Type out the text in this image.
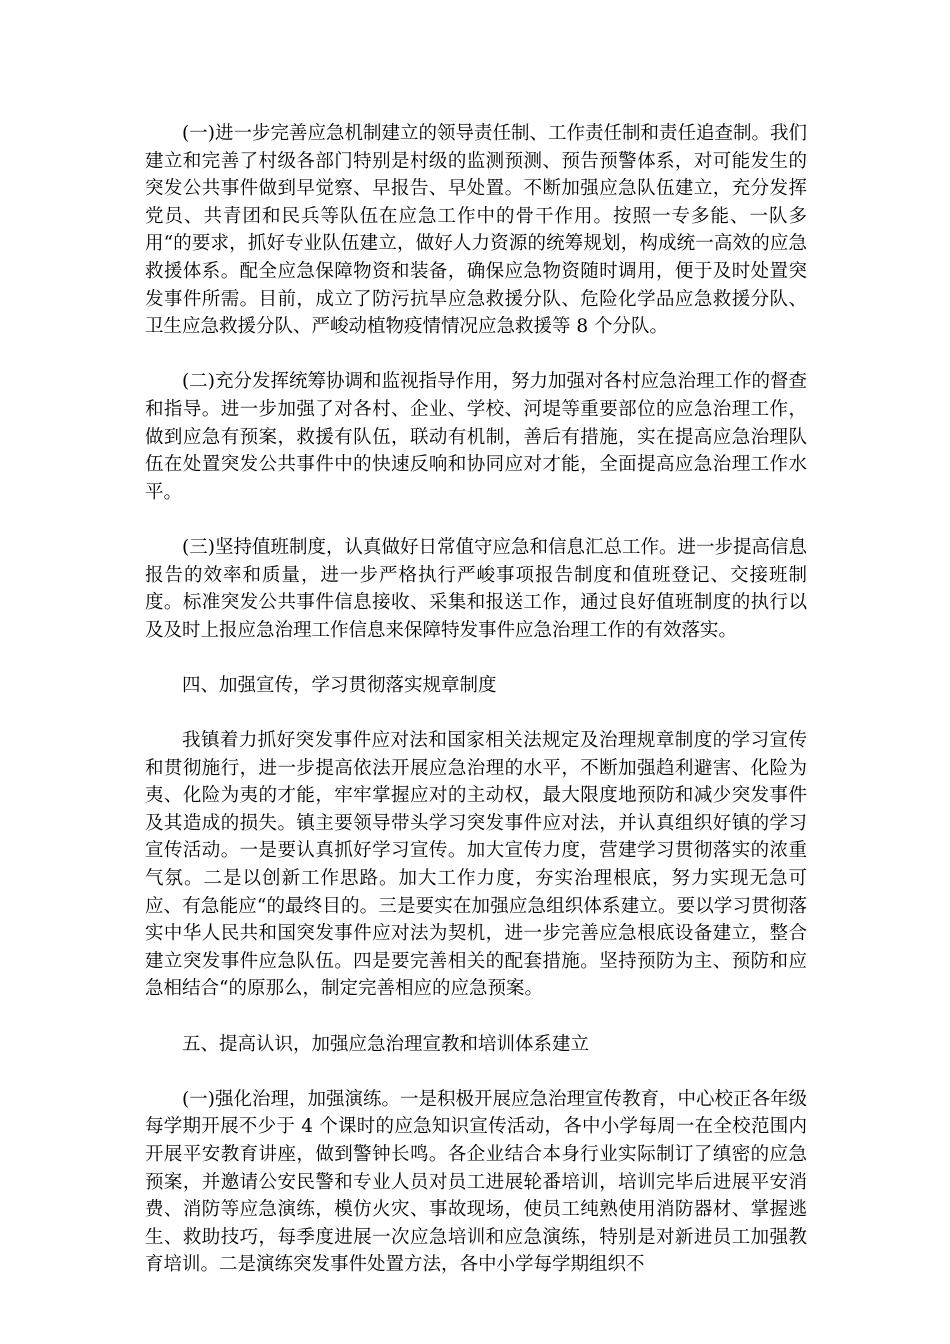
(一)进一步完善应急机制建立的领导责任制、工作责任制和责任追查制。我们建立和完善了村级各部门特别是村级的监测预测、预告预警体系，对可能发生的突发公共事件做到早觉察、早报告、早处置。不断加强应急队伍建立，充分发挥党员、共青团和民兵等队伍在应急工作中的骨干作用。按照一专多能、一队多用“的要求，抓好专业队伍建立，做好人力资源的统筹规划，构成统一高效的应急救援体系。配全应急保障物资和装备，确保应急物资随时调用，便于及时处置突发事件所需。目前，成立了防污抗旱应急救援分队、危险化学品应急救援分队、卫生应急救援分队、严峻动植物疫情情况应急救援等 8 个分队。

(二)充分发挥统筹协调和监视指导作用，努力加强对各村应急治理工作的督查和指导。进一步加强了对各村、企业、学校、河堤等重要部位的应急治理工作，做到应急有预案，救援有队伍，联动有机制，善后有措施，实在提高应急治理队伍在处置突发公共事件中的快速反响和协同应对才能，全面提高应急治理工作水平。

(三)坚持值班制度，认真做好日常值守应急和信息汇总工作。进一步提高信息报告的效率和质量，进一步严格执行严峻事项报告制度和值班登记、交接班制度。标准突发公共事件信息接收、采集和报送工作，通过良好值班制度的执行以及及时上报应急治理工作信息来保障特发事件应急治理工作的有效落实。

四、加强宣传，学习贯彻落实规章制度

我镇着力抓好突发事件应对法和国家相关法规定及治理规章制度的学习宣传和贯彻施行，进一步提高依法开展应急治理的水平，不断加强趋利避害、化险为夷、化险为夷的才能，牢牢掌握应对的主动权，最大限度地预防和减少突发事件及其造成的损失。镇主要领导带头学习突发事件应对法，并认真组织好镇的学习宣传活动。一是要认真抓好学习宣传。加大宣传力度，营建学习贯彻落实的浓重气氛。二是以创新工作思路。加大工作力度，夯实治理根底，努力实现无急可应、有急能应“的最终目的。三是要实在加强应急组织体系建立。要以学习贯彻落实中华人民共和国突发事件应对法为契机，进一步完善应急根底设备建立，整合建立突发事件应急队伍。四是要完善相关的配套措施。坚持预防为主、预防和应急相结合“的原那么，制定完善相应的应急预案。

五、提高认识，加强应急治理宣教和培训体系建立

(一)强化治理，加强演练。一是积极开展应急治理宣传教育，中心校正各年级每学期开展不少于 4 个课时的应急知识宣传活动，各中小学每周一在全校范围内开展平安教育讲座，做到警钟长鸣。各企业结合本身行业实际制订了缜密的应急预案，并邀请公安民警和专业人员对员工进展轮番培训，培训完毕后进展平安消费、消防等应急演练，模仿火灾、事故现场，使员工纯熟使用消防器材、掌握逃生、救助技巧，每季度进展一次应急培训和应急演练，特别是对新进员工加强教育培训。二是演练突发事件处置方法，各中小学每学期组织不
